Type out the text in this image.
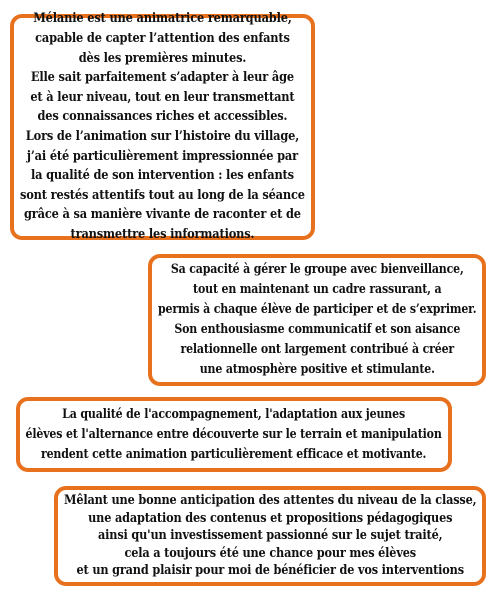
Mélanie est une animatrice remarquable,

capable de capter l’attention des enfants

dès les premières minutes.

Elle sait parfaitement s’adapter à leur âge

et à leur niveau, tout en leur transmettant

des connaissances riches et accessibles.

Lors de l’animation sur l’histoire du village,

j’ai été particulièrement impressionnée par

la qualité de son intervention : les enfants

sont restés attentifs tout au long de la séance

grâce à sa manière vivante de raconter et de

transmettre les informations.

Sa capacité à gérer le groupe avec bienveillance,

tout en maintenant un cadre rassurant, a

permis à chaque élève de participer et de s’exprimer.

Son enthousiasme communicatif et son aisance

relationnelle ont largement contribué à créer

une atmosphère positive et stimulante.

La qualité de l'accompagnement, l'adaptation aux jeunes

élèves et l'alternance entre découverte sur le terrain et manipulation

rendent cette animation particulièrement efficace et motivante.

Mêlant une bonne anticipation des attentes du niveau de la classe,

une adaptation des contenus et propositions pédagogiques

ainsi qu'un investissement passionné sur le sujet traité,

cela a toujours été une chance pour mes élèves

et un grand plaisir pour moi de bénéficier de vos interventions
